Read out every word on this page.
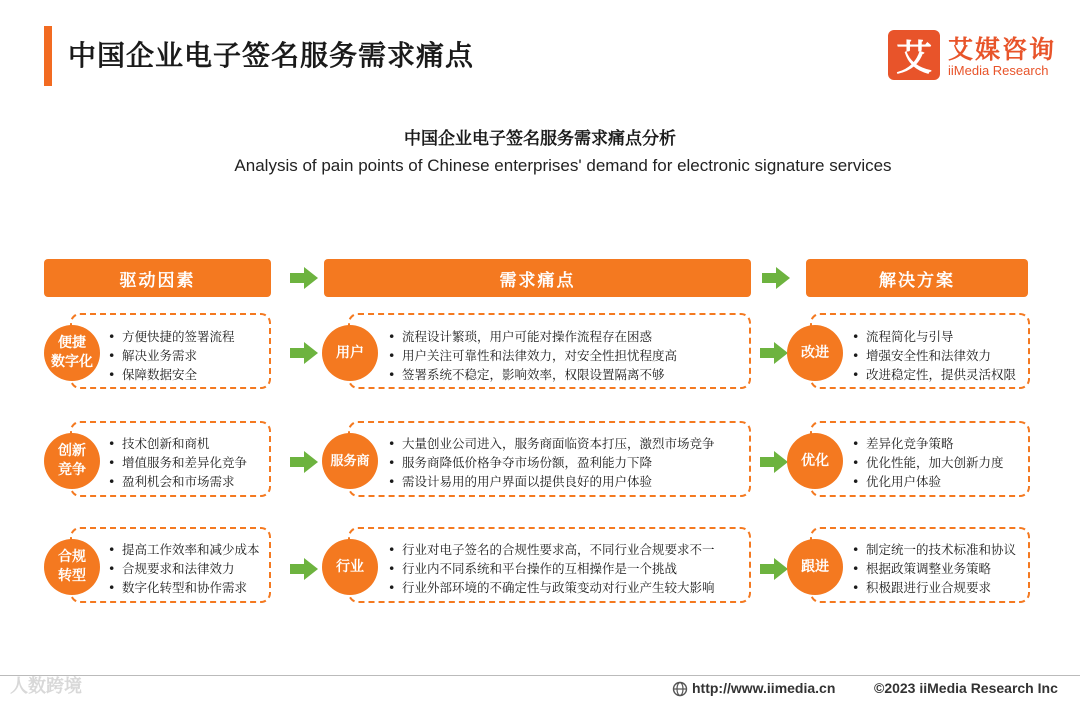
中国企业电子签名服务需求痛点	艾 艾媒咨询
iiMedia Research
中国企业电子签名服务需求痛点分析
Analysis of pain points of Chinese enterprises' demand for electronic signature services
驱动因素	需求痛点	解决方案
• 方便快捷的签署流程
• 解决业务需求
• 保障数据安全
便捷
数字化
• 流程设计繁琐，用户可能对操作流程存在困惑
• 用户关注可靠性和法律效力，对安全性担忧程度高
• 签署系统不稳定，影响效率，权限设置隔离不够
用户
• 流程简化与引导
• 增强安全性和法律效力
• 改进稳定性，提供灵活权限
改进
• 技术创新和商机
• 增值服务和差异化竞争
• 盈利机会和市场需求
创新
竞争
• 大量创业公司进入，服务商面临资本打压，激烈市场竞争
• 服务商降低价格争夺市场份额，盈利能力下降
• 需设计易用的用户界面以提供良好的用户体验
服务商
• 差异化竞争策略
• 优化性能，加大创新力度
• 优化用户体验
优化
• 提高工作效率和减少成本
• 合规要求和法律效力
• 数字化转型和协作需求
合规
转型
• 行业对电子签名的合规性要求高，不同行业合规要求不一
• 行业内不同系统和平台操作的互相操作是一个挑战
• 行业外部环境的不确定性与政策变动对行业产生较大影响
行业
• 制定统一的技术标准和协议
• 根据政策调整业务策略
• 积极跟进行业合规要求
跟进
人数跨境	http://www.iimedia.cn	©2023 iiMedia Research Inc
